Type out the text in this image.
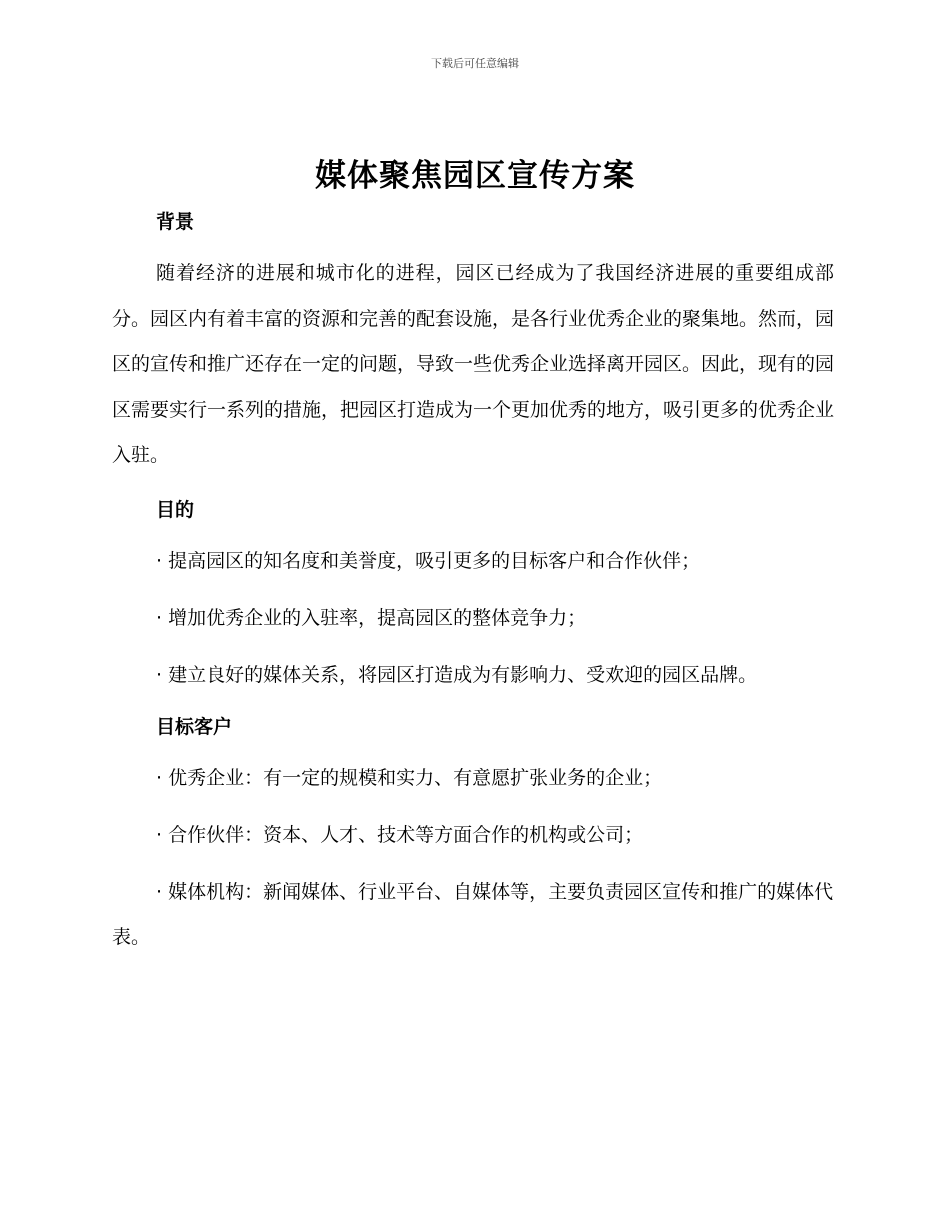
下载后可任意编辑
媒体聚焦园区宣传方案

背景

随着经济的进展和城市化的进程，园区已经成为了我国经济进展的重要组成部分。园区内有着丰富的资源和完善的配套设施，是各行业优秀企业的聚集地。然而，园区的宣传和推广还存在一定的问题，导致一些优秀企业选择离开园区。因此，现有的园区需要实行一系列的措施，把园区打造成为一个更加优秀的地方，吸引更多的优秀企业入驻。

目的

· 提高园区的知名度和美誉度，吸引更多的目标客户和合作伙伴；

· 增加优秀企业的入驻率，提高园区的整体竞争力；

· 建立良好的媒体关系，将园区打造成为有影响力、受欢迎的园区品牌。

目标客户

· 优秀企业：有一定的规模和实力、有意愿扩张业务的企业；

· 合作伙伴：资本、人才、技术等方面合作的机构或公司；

· 媒体机构：新闻媒体、行业平台、自媒体等，主要负责园区宣传和推广的媒体代表。
